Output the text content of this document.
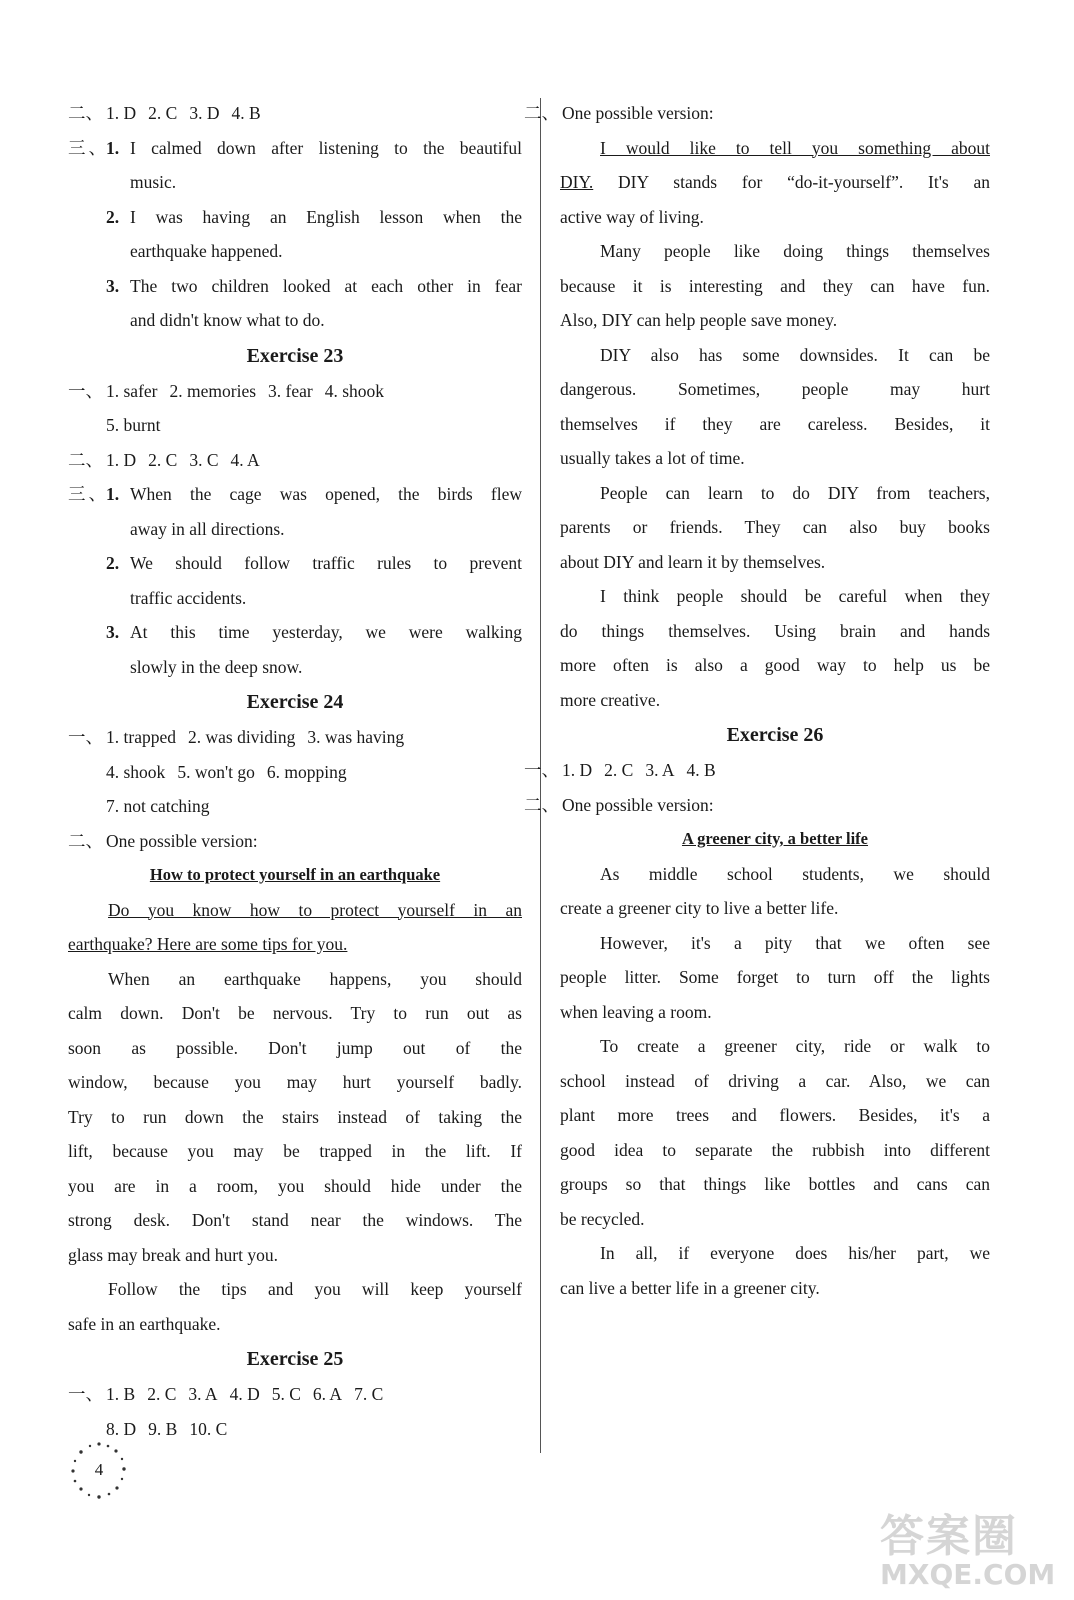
二、 1. D 2. C 3. D 4. B
三、1. I calmed down after listening to the beautiful
music.
2. I was having an English lesson when the
earthquake happened.
3. The two children looked at each other in fear
and didn't know what to do.
Exercise 23
一、 1. safer 2. memories 3. fear 4. shook
5. burnt
二、 1. D 2. C 3. C 4. A
三、1. When the cage was opened, the birds flew
away in all directions.
2. We should follow traffic rules to prevent
traffic accidents.
3. At this time yesterday, we were walking
slowly in the deep snow.
Exercise 24
一、 1. trapped 2. was dividing 3. was having
4. shook 5. won't go 6. mopping
7. not catching
二、 One possible version:
How to protect yourself in an earthquake
Do you know how to protect yourself in an
earthquake? Here are some tips for you.
When an earthquake happens, you should
calm down. Don't be nervous. Try to run out as
soon as possible. Don't jump out of the
window, because you may hurt yourself badly.
Try to run down the stairs instead of taking the
lift, because you may be trapped in the lift. If
you are in a room, you should hide under the
strong desk. Don't stand near the windows. The
glass may break and hurt you.
Follow the tips and you will keep yourself
safe in an earthquake.
Exercise 25
一、 1. B 2. C 3. A 4. D 5. C 6. A 7. C
8. D 9. B 10. C
二、 One possible version:
I would like to tell you something about
DIY. DIY stands for “do-it-yourself”. It's an
active way of living.
Many people like doing things themselves
because it is interesting and they can have fun.
Also, DIY can help people save money.
DIY also has some downsides. It can be
dangerous. Sometimes, people may hurt
themselves if they are careless. Besides, it
usually takes a lot of time.
People can learn to do DIY from teachers,
parents or friends. They can also buy books
about DIY and learn it by themselves.
I think people should be careful when they
do things themselves. Using brain and hands
more often is also a good way to help us be
more creative.
Exercise 26
一、 1. D 2. C 3. A 4. B
二、 One possible version:
A greener city, a better life
As middle school students, we should
create a greener city to live a better life.
However, it's a pity that we often see
people litter. Some forget to turn off the lights
when leaving a room.
To create a greener city, ride or walk to
school instead of driving a car. Also, we can
plant more trees and flowers. Besides, it's a
good idea to separate the rubbish into different
groups so that things like bottles and cans can
be recycled.
In all, if everyone does his/her part, we
can live a better life in a greener city.
4
答案圈
MXQE.COM
